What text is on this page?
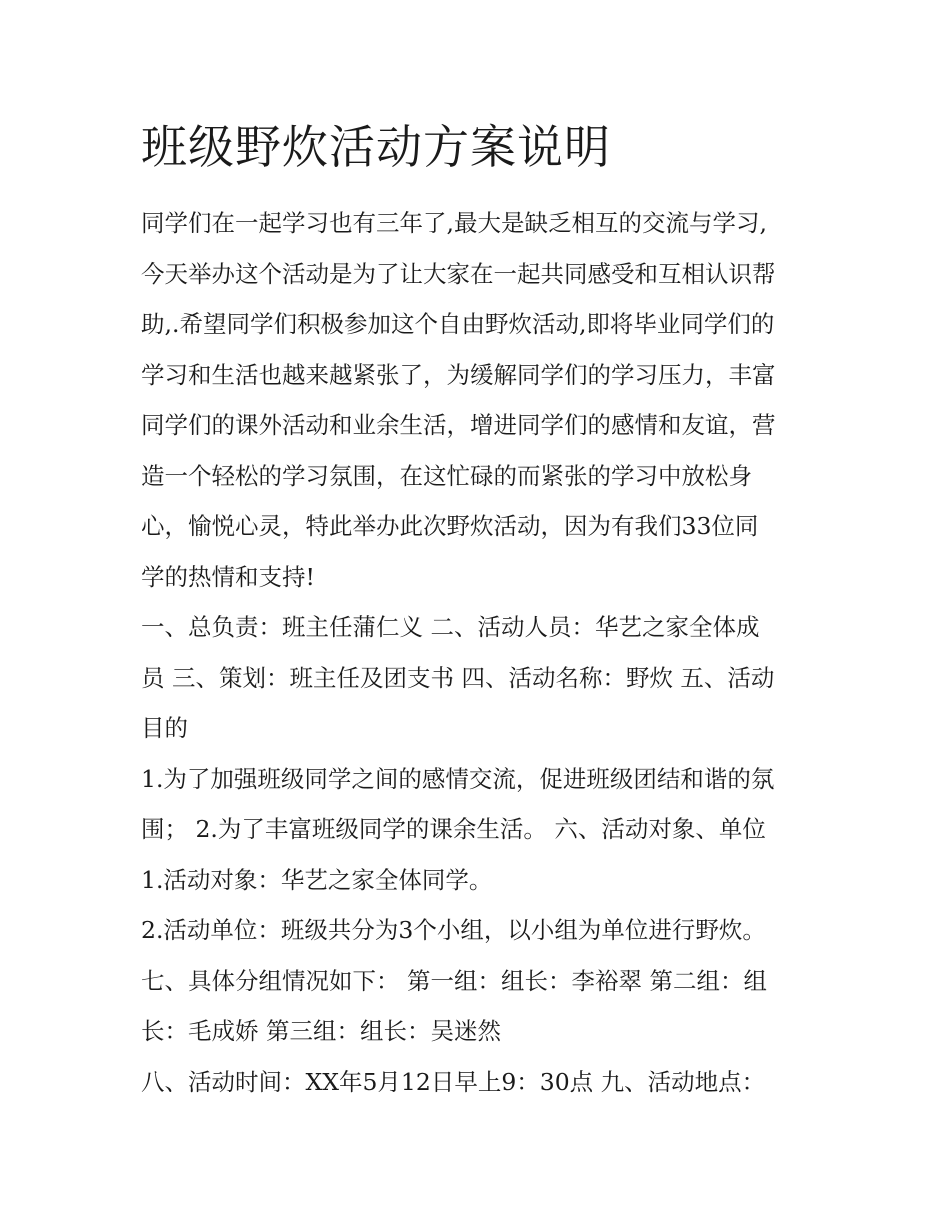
班级野炊活动方案说明
同学们在一起学习也有三年了,最大是缺乏相互的交流与学习,
今天举办这个活动是为了让大家在一起共同感受和互相认识帮
助,.希望同学们积极参加这个自由野炊活动,即将毕业同学们的
学习和生活也越来越紧张了，为缓解同学们的学习压力，丰富
同学们的课外活动和业余生活，增进同学们的感情和友谊，营
造一个轻松的学习氛围，在这忙碌的而紧张的学习中放松身
心，愉悦心灵，特此举办此次野炊活动，因为有我们33位同
学的热情和支持!
一、总负责：班主任蒲仁义 二、活动人员：华艺之家全体成
员 三、策划：班主任及团支书 四、活动名称：野炊 五、活动
目的
1.为了加强班级同学之间的感情交流，促进班级团结和谐的氛
围； 2.为了丰富班级同学的课余生活。 六、活动对象、单位
1.活动对象：华艺之家全体同学。
2.活动单位：班级共分为3个小组，以小组为单位进行野炊。
七、具体分组情况如下： 第一组：组长：李裕翠 第二组：组
长：毛成娇 第三组：组长：吴迷然
八、活动时间：XX年5月12日早上9：30点 九、活动地点：
